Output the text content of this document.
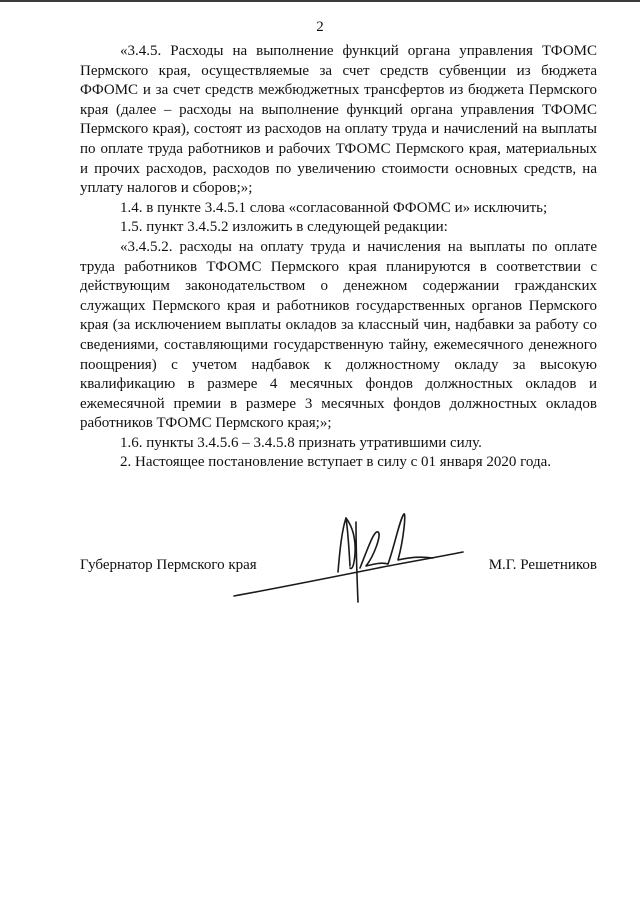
2

«3.4.5. Расходы на выполнение функций органа управления ТФОМС Пермского края, осуществляемые за счет средств субвенции из бюджета ФФОМС и за счет средств межбюджетных трансфертов из бюджета Пермского края (далее – расходы на выполнение функций органа управления ТФОМС Пермского края), состоят из расходов на оплату труда и начислений на выплаты по оплате труда работников и рабочих ТФОМС Пермского края, материальных и прочих расходов, расходов по увеличению стоимости основных средств, на уплату налогов и сборов;»;

1.4. в пункте 3.4.5.1 слова «согласованной ФФОМС и» исключить;

1.5. пункт 3.4.5.2 изложить в следующей редакции:

«3.4.5.2. расходы на оплату труда и начисления на выплаты по оплате труда работников ТФОМС Пермского края планируются в соответствии с действующим законодательством о денежном содержании гражданских служащих Пермского края и работников государственных органов Пермского края (за исключением выплаты окладов за классный чин, надбавки за работу со сведениями, составляющими государственную тайну, ежемесячного денежного поощрения) с учетом надбавок к должностному окладу за высокую квалификацию в размере 4 месячных фондов должностных окладов и ежемесячной премии в размере 3 месячных фондов должностных окладов работников ТФОМС Пермского края;»;

1.6. пункты 3.4.5.6 – 3.4.5.8 признать утратившими силу.

2. Настоящее постановление вступает в силу с 01 января 2020 года.

Губернатор Пермского края	М.Г. Решетников
